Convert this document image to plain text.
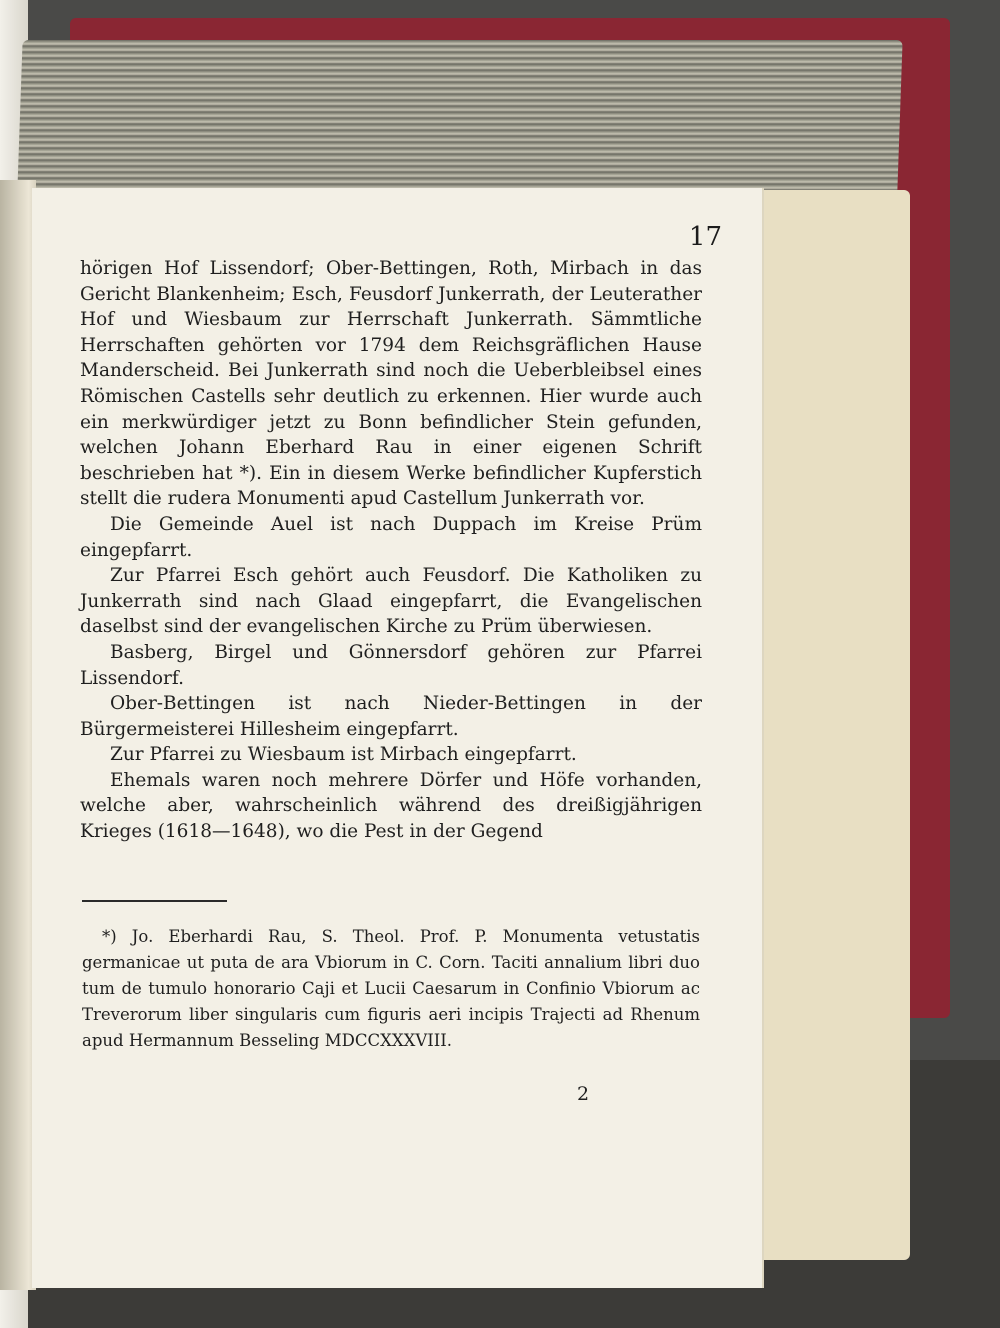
17

hörigen Hof Lissendorf; Ober-Bettingen, Roth, Mirbach in das Gericht Blankenheim; Esch, Feusdorf Junkerrath, der Leuterather Hof und Wiesbaum zur Herrschaft Junkerrath. Sämmtliche Herrschaften gehörten vor 1794 dem Reichsgräflichen Hause Manderscheid. Bei Junkerrath sind noch die Ueberbleibsel eines Römischen Castells sehr deutlich zu erkennen. Hier wurde auch ein merkwürdiger jetzt zu Bonn befindlicher Stein gefunden, welchen Johann Eberhard Rau in einer eigenen Schrift beschrieben hat *). Ein in diesem Werke befindlicher Kupferstich stellt die rudera Monumenti apud Castellum Junkerrath vor.

Die Gemeinde Auel ist nach Duppach im Kreise Prüm eingepfarrt.

Zur Pfarrei Esch gehört auch Feusdorf. Die Katholiken zu Junkerrath sind nach Glaad eingepfarrt, die Evangelischen daselbst sind der evangelischen Kirche zu Prüm überwiesen.

Basberg, Birgel und Gönnersdorf gehören zur Pfarrei Lissendorf.

Ober-Bettingen ist nach Nieder-Bettingen in der Bürgermeisterei Hillesheim eingepfarrt.

Zur Pfarrei zu Wiesbaum ist Mirbach eingepfarrt.

Ehemals waren noch mehrere Dörfer und Höfe vorhanden, welche aber, wahrscheinlich während des dreißigjährigen Krieges (1618—1648), wo die Pest in der Gegend

*) Jo. Eberhardi Rau, S. Theol. Prof. P. Monumenta vetustatis germanicae ut puta de ara Vbiorum in C. Corn. Taciti annalium libri duo tum de tumulo honorario Caji et Lucii Caesarum in Confinio Vbiorum ac Treverorum liber singularis cum figuris aeri incipis Trajecti ad Rhenum apud Hermannum Besseling MDCCXXXVIII.
2
